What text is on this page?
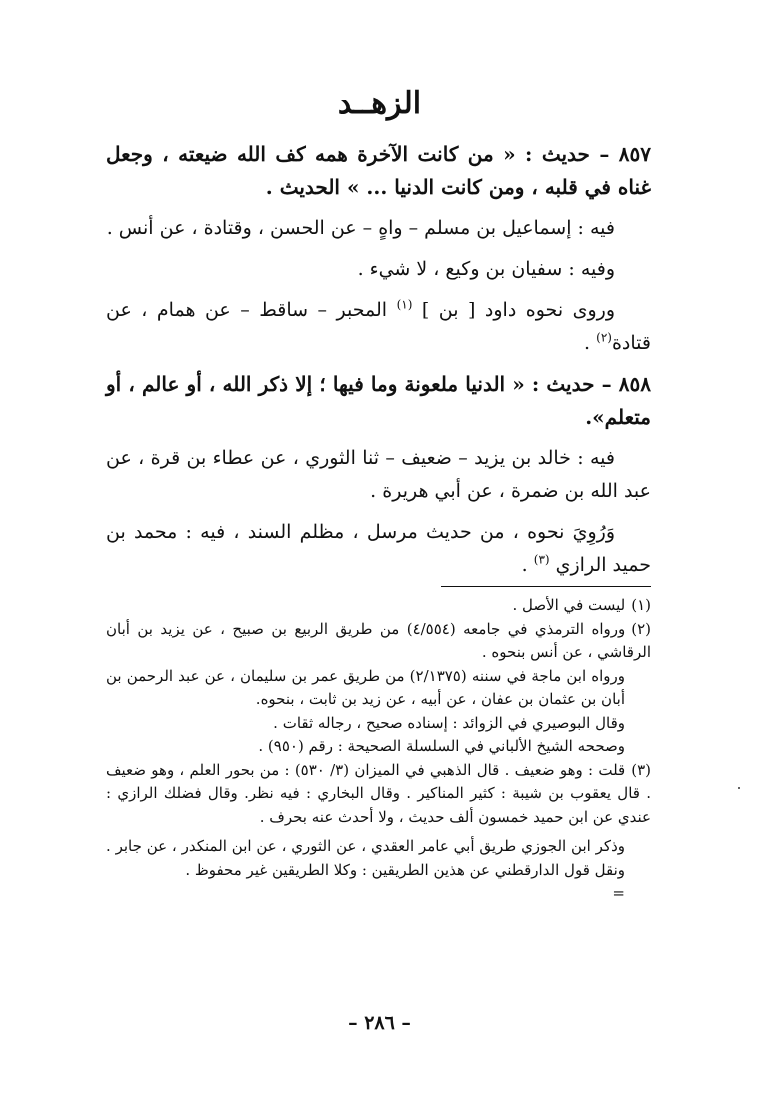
الزهــد

٨٥٧ – حديث : « من كانت الآخرة همه كف الله ضيعته ، وجعل غناه في قلبه ، ومن كانت الدنيا ... » الحديث .

فيه : إسماعيل بن مسلم – واهٍ – عن الحسن ، وقتادة ، عن أنس .

وفيه : سفيان بن وكيع ، لا شيء .

وروى نحوه داود [ بن ] $^{(١)}$ المحبر – ساقط – عن همام ، عن قتادة$^{(٢)}$ .

٨٥٨ – حديث : « الدنيا ملعونة وما فيها ؛ إلا ذكر الله ، أو عالم ، أو متعلم».

فيه : خالد بن يزيد – ضعيف – ثنا الثوري ، عن عطاء بن قرة ، عن عبد الله بن ضمرة ، عن أبي هريرة .

وَرُوِيَ نحوه ، من حديث مرسل ، مظلم السند ، فيه : محمد بن حميد الرازي $^{(٣)}$ .

(١)ليست في الأصل .

(٢)ورواه الترمذي في جامعه (٤/٥٥٤) من طريق الربيع بن صبيح ، عن يزيد بن أبان الرقاشي ، عن أنس بنحوه .

ورواه ابن ماجة في سننه (٢/١٣٧٥) من طريق عمر بن سليمان ، عن عبد الرحمن بن أبان بن عثمان بن عفان ، عن أبيه ، عن زيد بن ثابت ، بنحوه.

وقال البوصيري في الزوائد : إسناده صحيح ، رجاله ثقات .

وصححه الشيخ الألباني في السلسلة الصحيحة : رقم (٩٥٠) .

(٣)قلت : وهو ضعيف . قال الذهبي في الميزان (٣/ ٥٣٠) : من بحور العلم ، وهو ضعيف . قال يعقوب بن شيبة : كثير المناكير . وقال البخاري : فيه نظر. وقال فضلك الرازي : عندي عن ابن حميد خمسون ألف حديث ، ولا أحدث عنه بحرف .

وذكر ابن الجوزي طريق أبي عامر العقدي ، عن الثوري ، عن ابن المنكدر ، عن جابر . ونقل قول الدارقطني عن هذين الطريقين : وكلا الطريقين غير محفوظ .

=

– ٢٨٦ –
